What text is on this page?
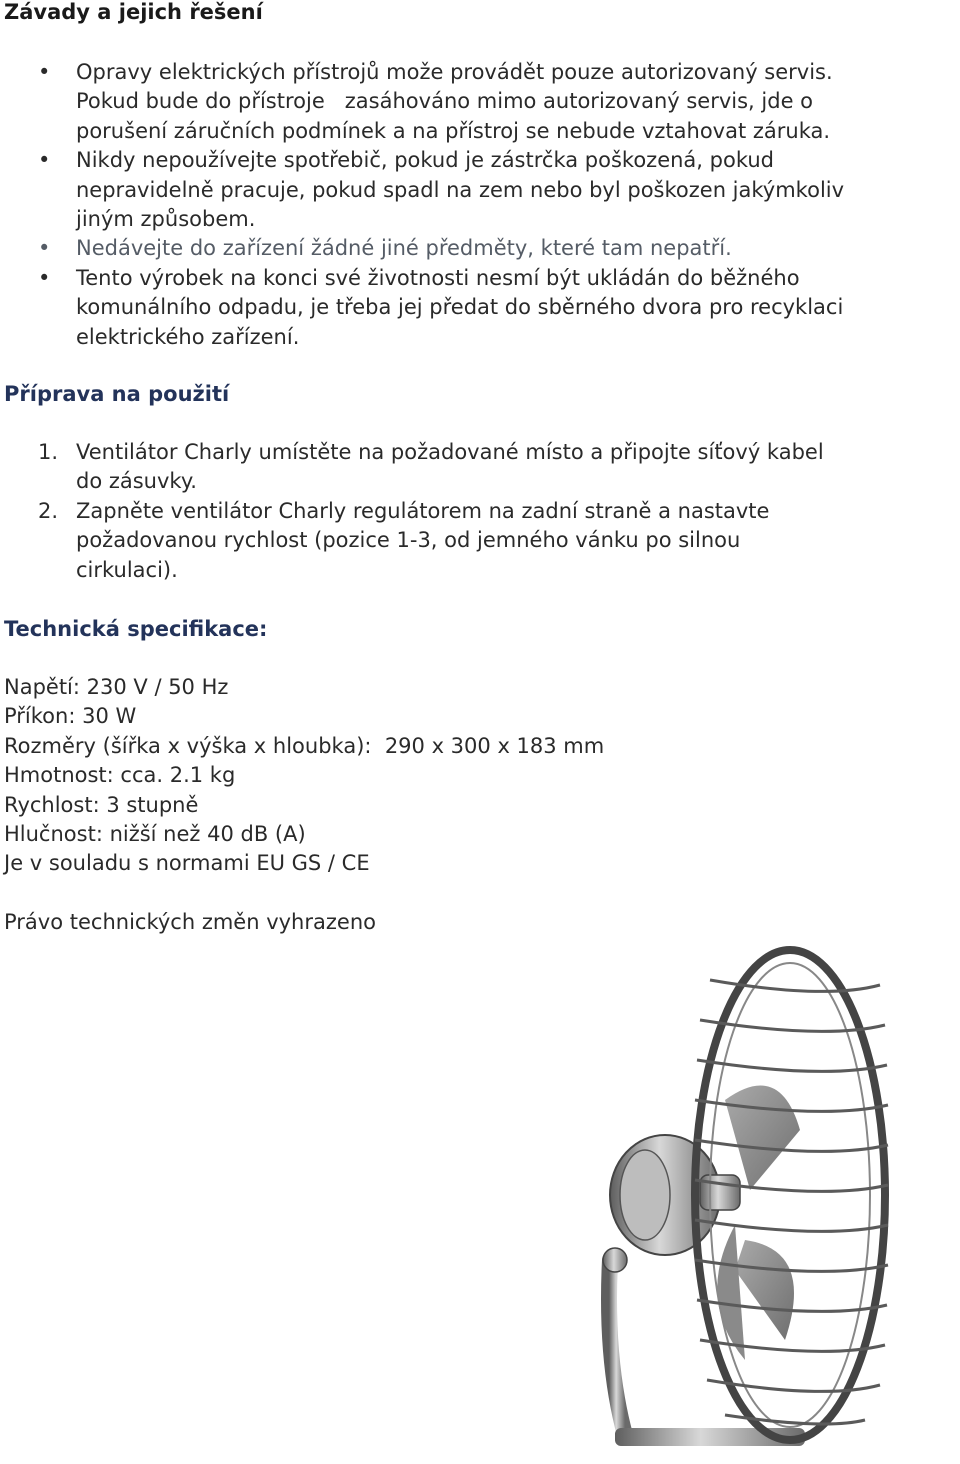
Závady a jejich řešení
• Opravy elektrických přístrojů može provádět pouze autorizovaný servis.
Pokud bude do přístroje   zasáhováno mimo autorizovaný servis, jde o
porušení záručních podmínek a na přístroj se nebude vztahovat záruka.
• Nikdy nepoužívejte spotřebič, pokud je zástrčka poškozená, pokud
nepravidelně pracuje, pokud spadl na zem nebo byl poškozen jakýmkoliv
jiným způsobem.
• Nedávejte do zařízení žádné jiné předměty, které tam nepatří.
• Tento výrobek na konci své životnosti nesmí být ukládán do běžného
komunálního odpadu, je třeba jej předat do sběrného dvora pro recyklaci
elektrického zařízení.
Příprava na použití
1. Ventilátor Charly umístěte na požadované místo a připojte síťový kabel
do zásuvky.
2. Zapněte ventilátor Charly regulátorem na zadní straně a nastavte
požadovanou rychlost (pozice 1-3, od jemného vánku po silnou
cirkulaci).
Technická specifikace:
Napětí: 230 V / 50 Hz
Příkon: 30 W
Rozměry (šířka x výška x hloubka):  290 x 300 x 183 mm
Hmotnost: cca. 2.1 kg
Rychlost: 3 stupně
Hlučnost: nižší než 40 dB (A)
Je v souladu s normami EU GS / CE
Právo technických změn vyhrazeno
